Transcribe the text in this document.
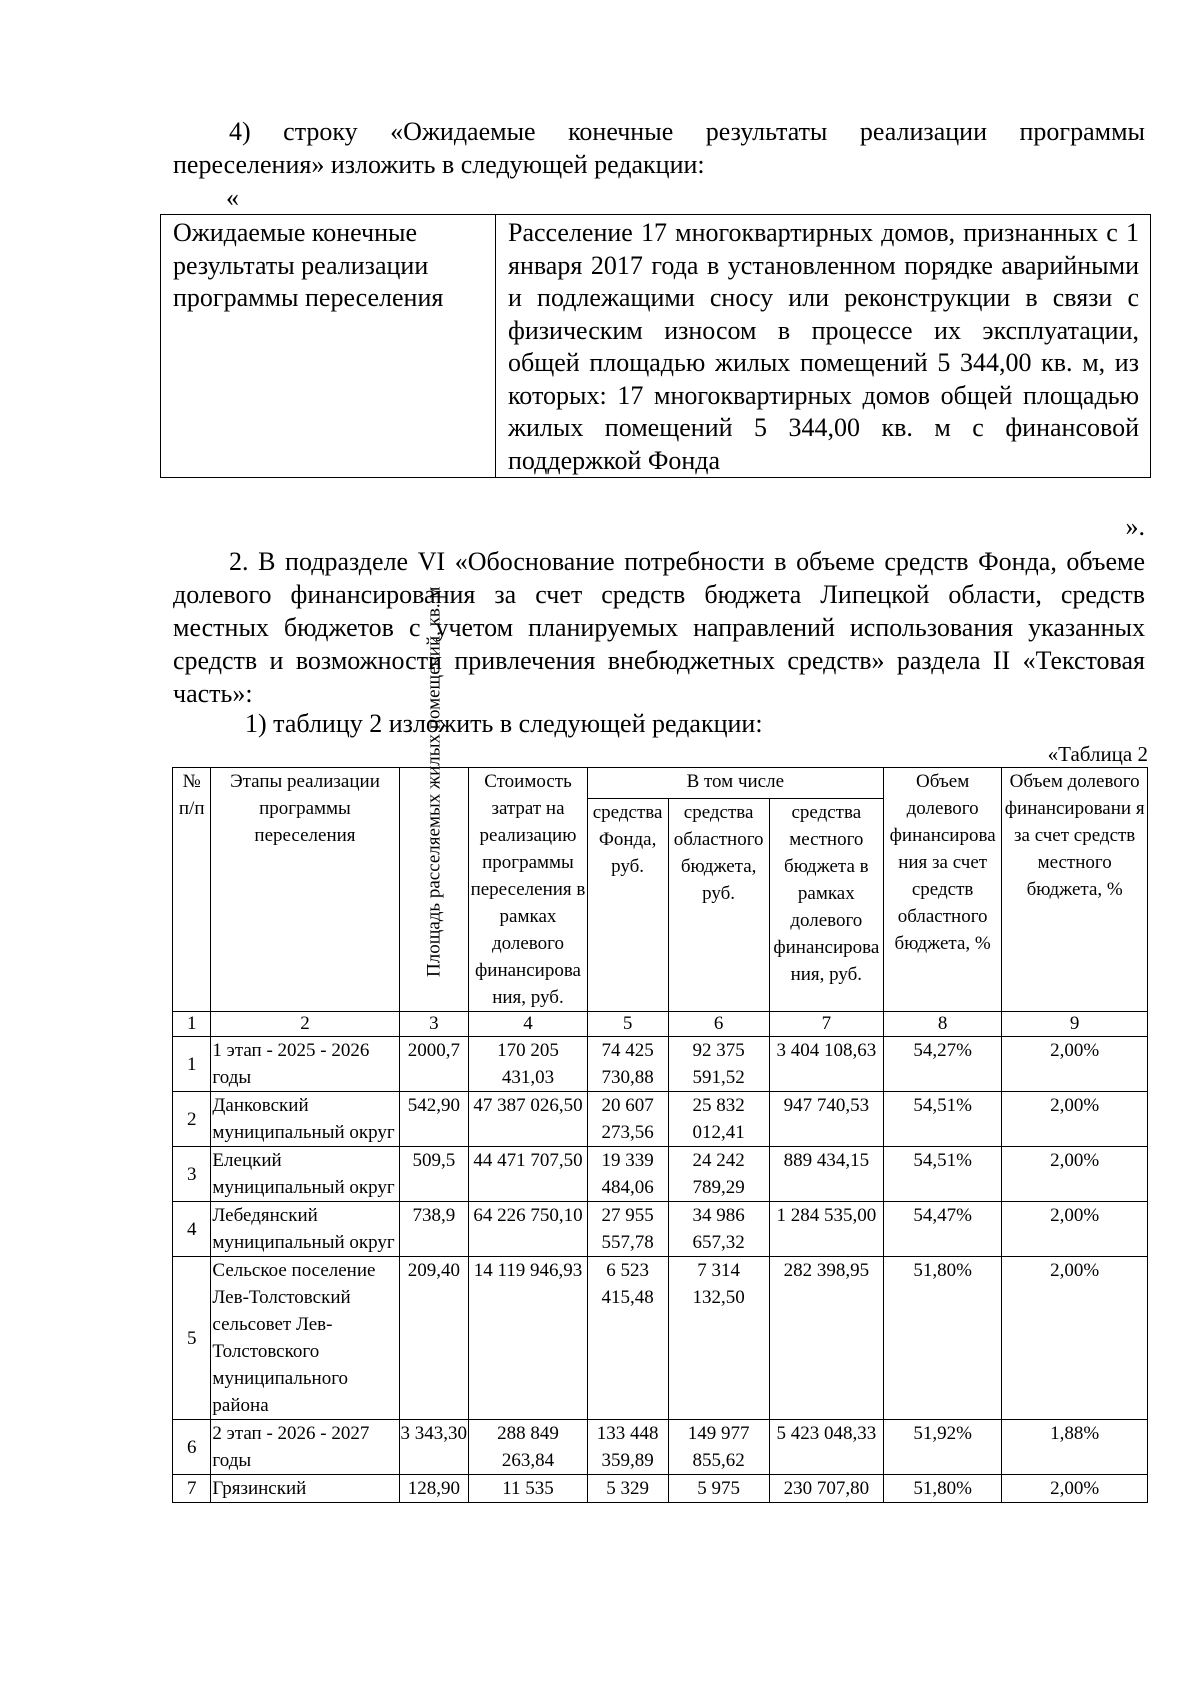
4) строку «Ожидаемые конечные результаты реализации программы переселения» изложить в следующей редакции:
«
Ожидаемые конечные результаты реализации программы переселения	Расселение 17 многоквартирных домов, признанных с 1 января 2017 года в установленном порядке аварийными и подлежащими сносу или реконструкции в связи с физическим износом в процессе их эксплуатации, общей площадью жилых помещений 5 344,00 кв. м, из которых: 17 многоквартирных домов общей площадью жилых помещений 5 344,00 кв. м с финансовой поддержкой Фонда
».
2. В подразделе VI «Обоснование потребности в объеме средств Фонда, объеме долевого финансирования за счет средств бюджета Липецкой области, средств местных бюджетов с учетом планируемых направлений использования указанных средств и возможности привлечения внебюджетных средств» раздела II «Текстовая часть»:
1) таблицу 2 изложить в следующей редакции:
«Таблица 2
№ п/п	Этапы реализации программы переселения	Площадь расселяемых жилых помещений, кв. м	Стоимость затрат на реализацию программы переселения в рамках долевого финансирова ния, руб.	В том числе			Объем долевого финансирова ния за счет средств областного бюджета, %	Объем долевого финансировани я за счет средств местного бюджета, %
				средства Фонда, руб.	средства областного бюджета, руб.	средства местного бюджета в рамках долевого финансирова ния, руб.		
1	2	3	4	5	6	7	8	9
1	1 этап - 2025 - 2026 годы	2000,7	170 205 431,03	74 425 730,88	92 375 591,52	3 404 108,63	54,27%	2,00%
2	Данковский муниципальный округ	542,90	47 387 026,50	20 607 273,56	25 832 012,41	947 740,53	54,51%	2,00%
3	Елецкий муниципальный округ	509,5	44 471 707,50	19 339 484,06	24 242 789,29	889 434,15	54,51%	2,00%
4	Лебедянский муниципальный округ	738,9	64 226 750,10	27 955 557,78	34 986 657,32	1 284 535,00	54,47%	2,00%
5	Сельское поселение Лев-Толстовский сельсовет Лев-Толстовского муниципального района	209,40	14 119 946,93	6 523 415,48	7 314 132,50	282 398,95	51,80%	2,00%
6	2 этап - 2026 - 2027 годы	3 343,30	288 849 263,84	133 448 359,89	149 977 855,62	5 423 048,33	51,92%	1,88%
7	Грязинский	128,90	11 535	5 329	5 975	230 707,80	51,80%	2,00%
